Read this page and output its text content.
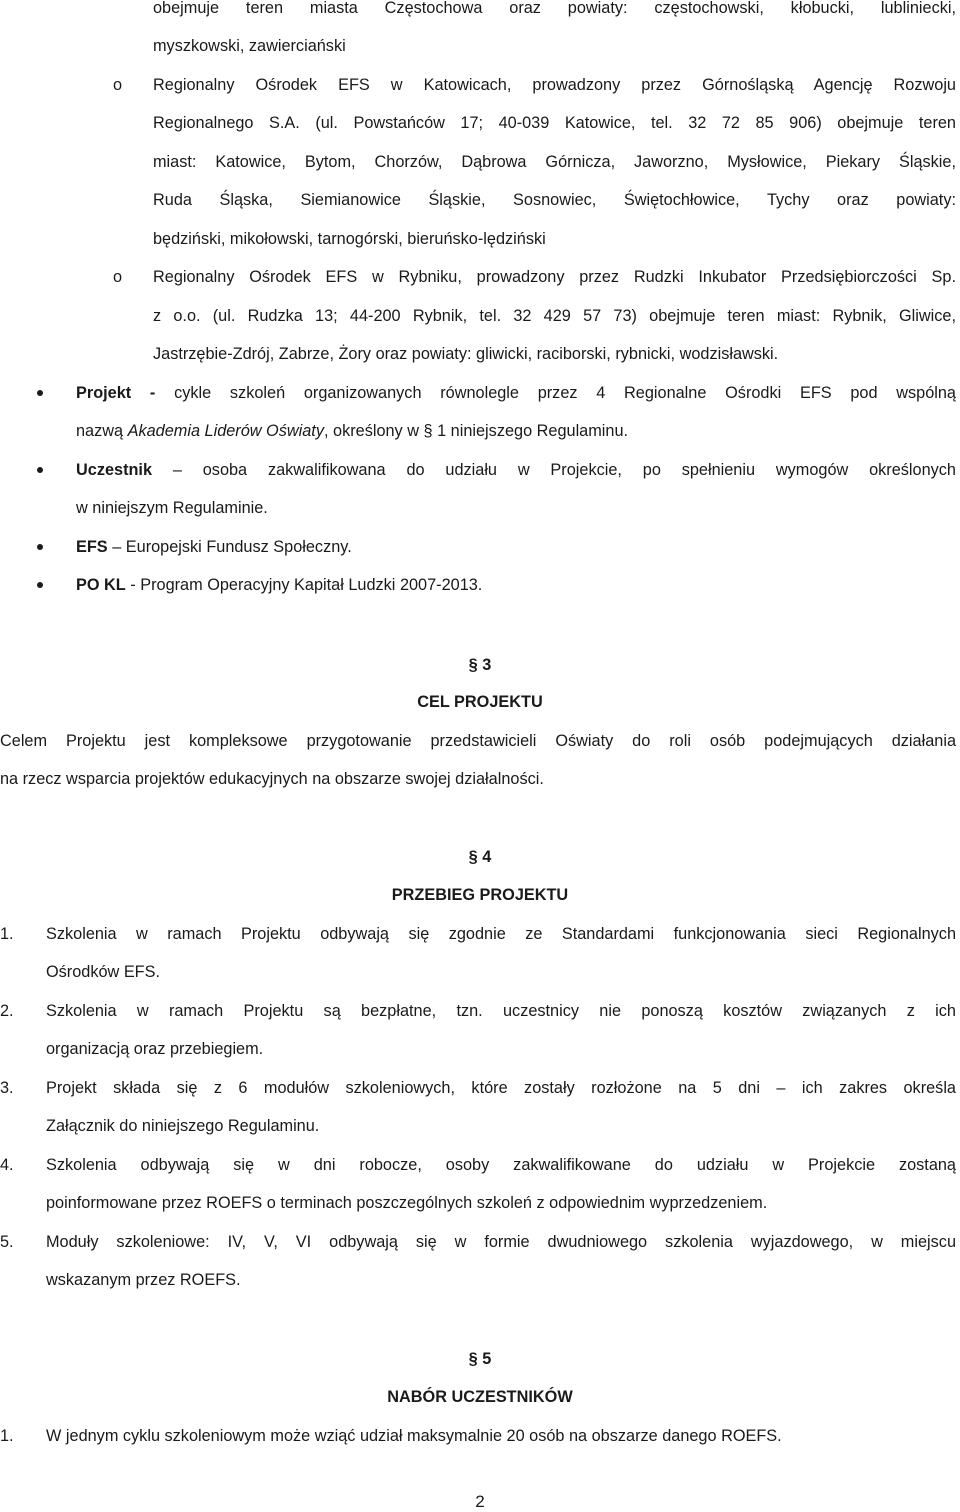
obejmuje teren miasta Częstochowa oraz powiaty: częstochowski, kłobucki, lubliniecki,
myszkowski, zawierciański
o Regionalny Ośrodek EFS w Katowicach, prowadzony przez Górnośląską Agencję Rozwoju
Regionalnego S.A. (ul. Powstańców 17; 40-039 Katowice, tel. 32 72 85 906) obejmuje teren
miast: Katowice, Bytom, Chorzów, Dąbrowa Górnicza, Jaworzno, Mysłowice, Piekary Śląskie,
Ruda Śląska, Siemianowice Śląskie, Sosnowiec, Świętochłowice, Tychy oraz powiaty:
będziński, mikołowski, tarnogórski, bieruńsko-lędziński
o Regionalny Ośrodek EFS w Rybniku, prowadzony przez Rudzki Inkubator Przedsiębiorczości Sp.
z o.o. (ul. Rudzka 13; 44-200 Rybnik, tel. 32 429 57 73) obejmuje teren miast: Rybnik, Gliwice,
Jastrzębie-Zdrój, Zabrze, Żory oraz powiaty: gliwicki, raciborski, rybnicki, wodzisławski.
Projekt - cykle szkoleń organizowanych równolegle przez 4 Regionalne Ośrodki EFS pod wspólną
nazwą Akademia Liderów Oświaty, określony w § 1 niniejszego Regulaminu.
Uczestnik – osoba zakwalifikowana do udziału w Projekcie, po spełnieniu wymogów określonych
w niniejszym Regulaminie.
EFS – Europejski Fundusz Społeczny.
PO KL - Program Operacyjny Kapitał Ludzki 2007-2013.
§ 3
CEL PROJEKTU
Celem Projektu jest kompleksowe przygotowanie przedstawicieli Oświaty do roli osób podejmujących działania
na rzecz wsparcia projektów edukacyjnych na obszarze swojej działalności.
§ 4
PRZEBIEG PROJEKTU
1. Szkolenia w ramach Projektu odbywają się zgodnie ze Standardami funkcjonowania sieci Regionalnych
Ośrodków EFS.
2. Szkolenia w ramach Projektu są bezpłatne, tzn. uczestnicy nie ponoszą kosztów związanych z ich
organizacją oraz przebiegiem.
3. Projekt składa się z 6 modułów szkoleniowych, które zostały rozłożone na 5 dni – ich zakres określa
Załącznik do niniejszego Regulaminu.
4. Szkolenia odbywają się w dni robocze, osoby zakwalifikowane do udziału w Projekcie zostaną
poinformowane przez ROEFS o terminach poszczególnych szkoleń z odpowiednim wyprzedzeniem.
5. Moduły szkoleniowe: IV, V, VI odbywają się w formie dwudniowego szkolenia wyjazdowego, w miejscu
wskazanym przez ROEFS.
§ 5
NABÓR UCZESTNIKÓW
1. W jednym cyklu szkoleniowym może wziąć udział maksymalnie 20 osób na obszarze danego ROEFS.
2
